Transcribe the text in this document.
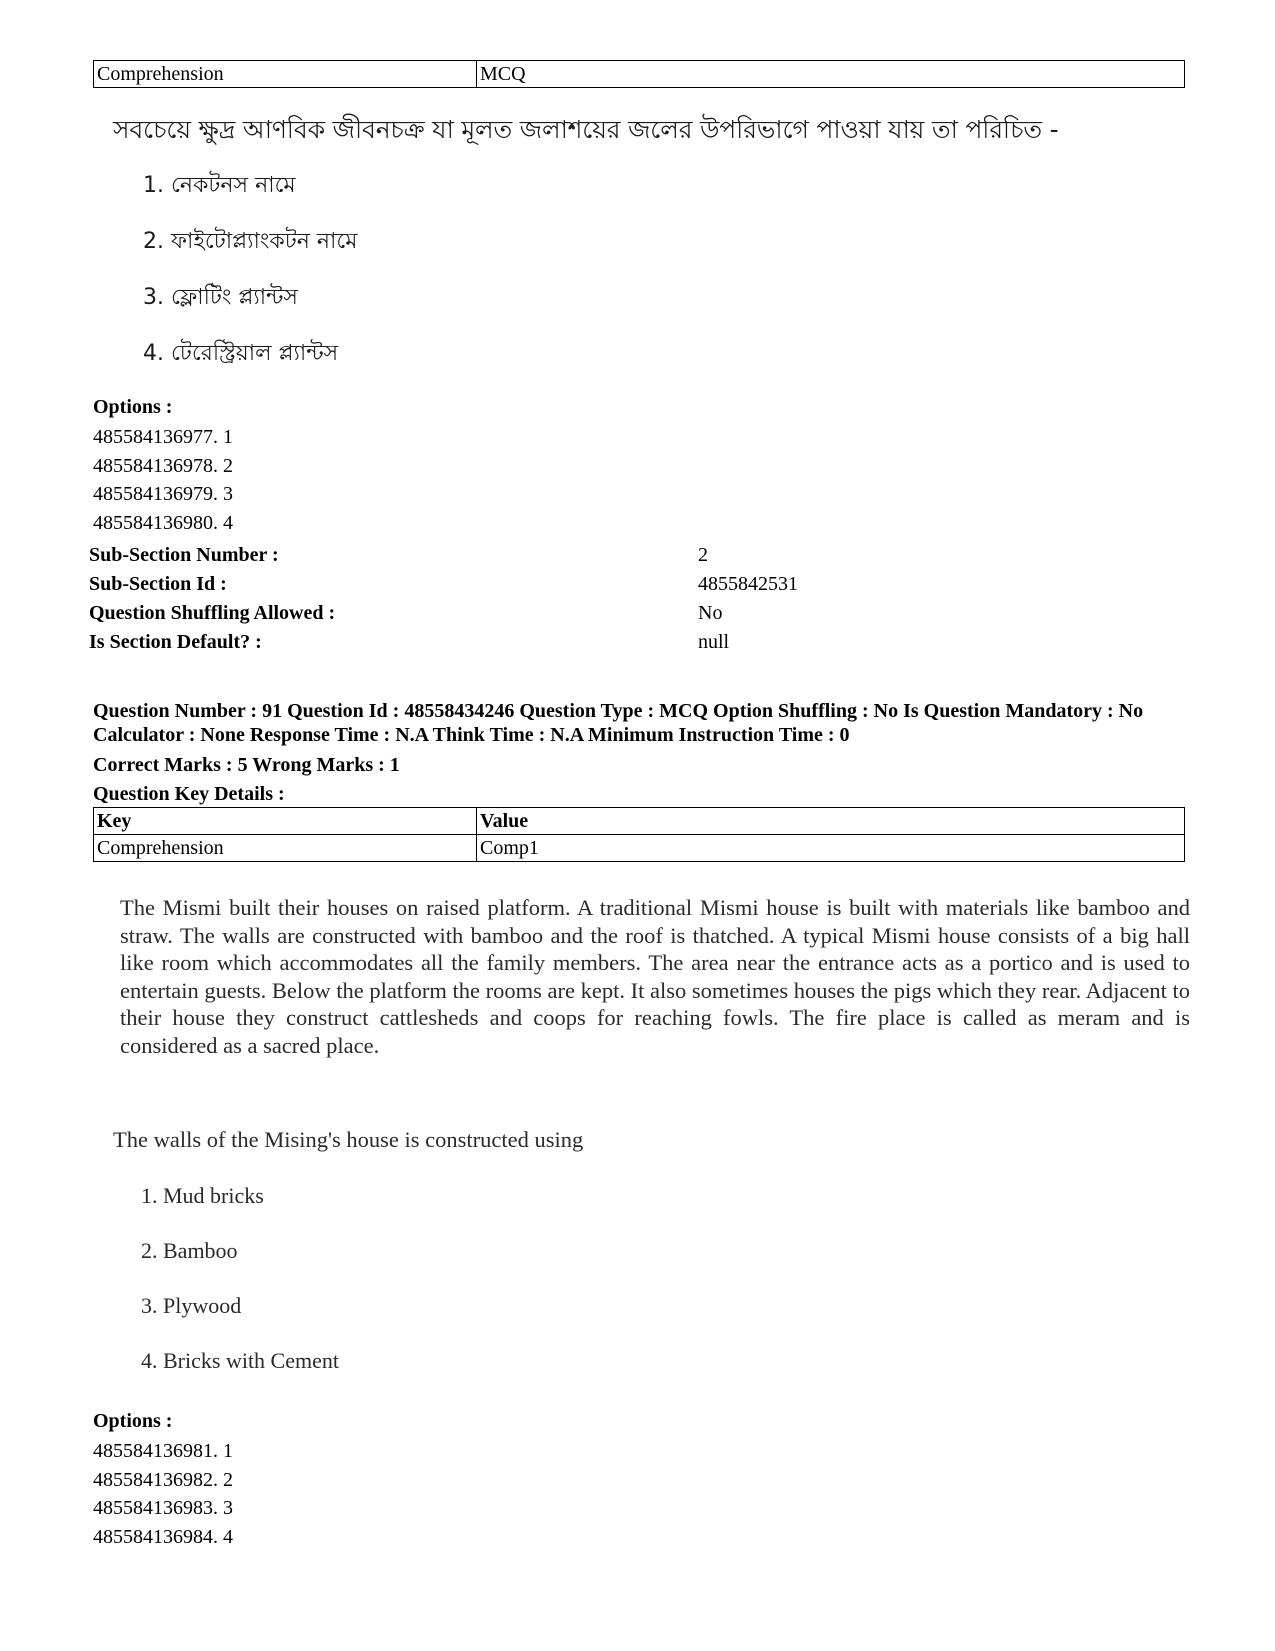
Comprehension	MCQ
সবচেয়ে ক্ষুদ্র আণবিক জীবনচক্র যা মূলত জলাশয়ের জলের উপরিভাগে পাওয়া যায় তা পরিচিত -
1. নেকটনস নামে
2. ফাইটোপ্ল্যাংকটন নামে
3. ফ্লোটিং প্ল্যান্টস
4. টেরেস্ট্রিয়াল প্ল্যান্টস
Options :
485584136977. 1
485584136978. 2
485584136979. 3
485584136980. 4
Sub-Section Number :	2
Sub-Section Id :	4855842531
Question Shuffling Allowed :	No
Is Section Default? :	null
Question Number : 91 Question Id : 48558434246 Question Type : MCQ Option Shuffling : No Is Question Mandatory : No Calculator : None Response Time : N.A Think Time : N.A Minimum Instruction Time : 0
Correct Marks : 5 Wrong Marks : 1
Question Key Details :
Key	Value
Comprehension	Comp1
The Mismi built their houses on raised platform. A traditional Mismi house is built with materials like bamboo and straw. The walls are constructed with bamboo and the roof is thatched. A typical Mismi house consists of a big hall like room which accommodates all the family members. The area near the entrance acts as a portico and is used to entertain guests. Below the platform the rooms are kept. It also sometimes houses the pigs which they rear. Adjacent to their house they construct cattlesheds and coops for reaching fowls. The fire place is called as meram and is considered as a sacred place.
The walls of the Mising's house is constructed using
1. Mud bricks
2. Bamboo
3. Plywood
4. Bricks with Cement
Options :
485584136981. 1
485584136982. 2
485584136983. 3
485584136984. 4
